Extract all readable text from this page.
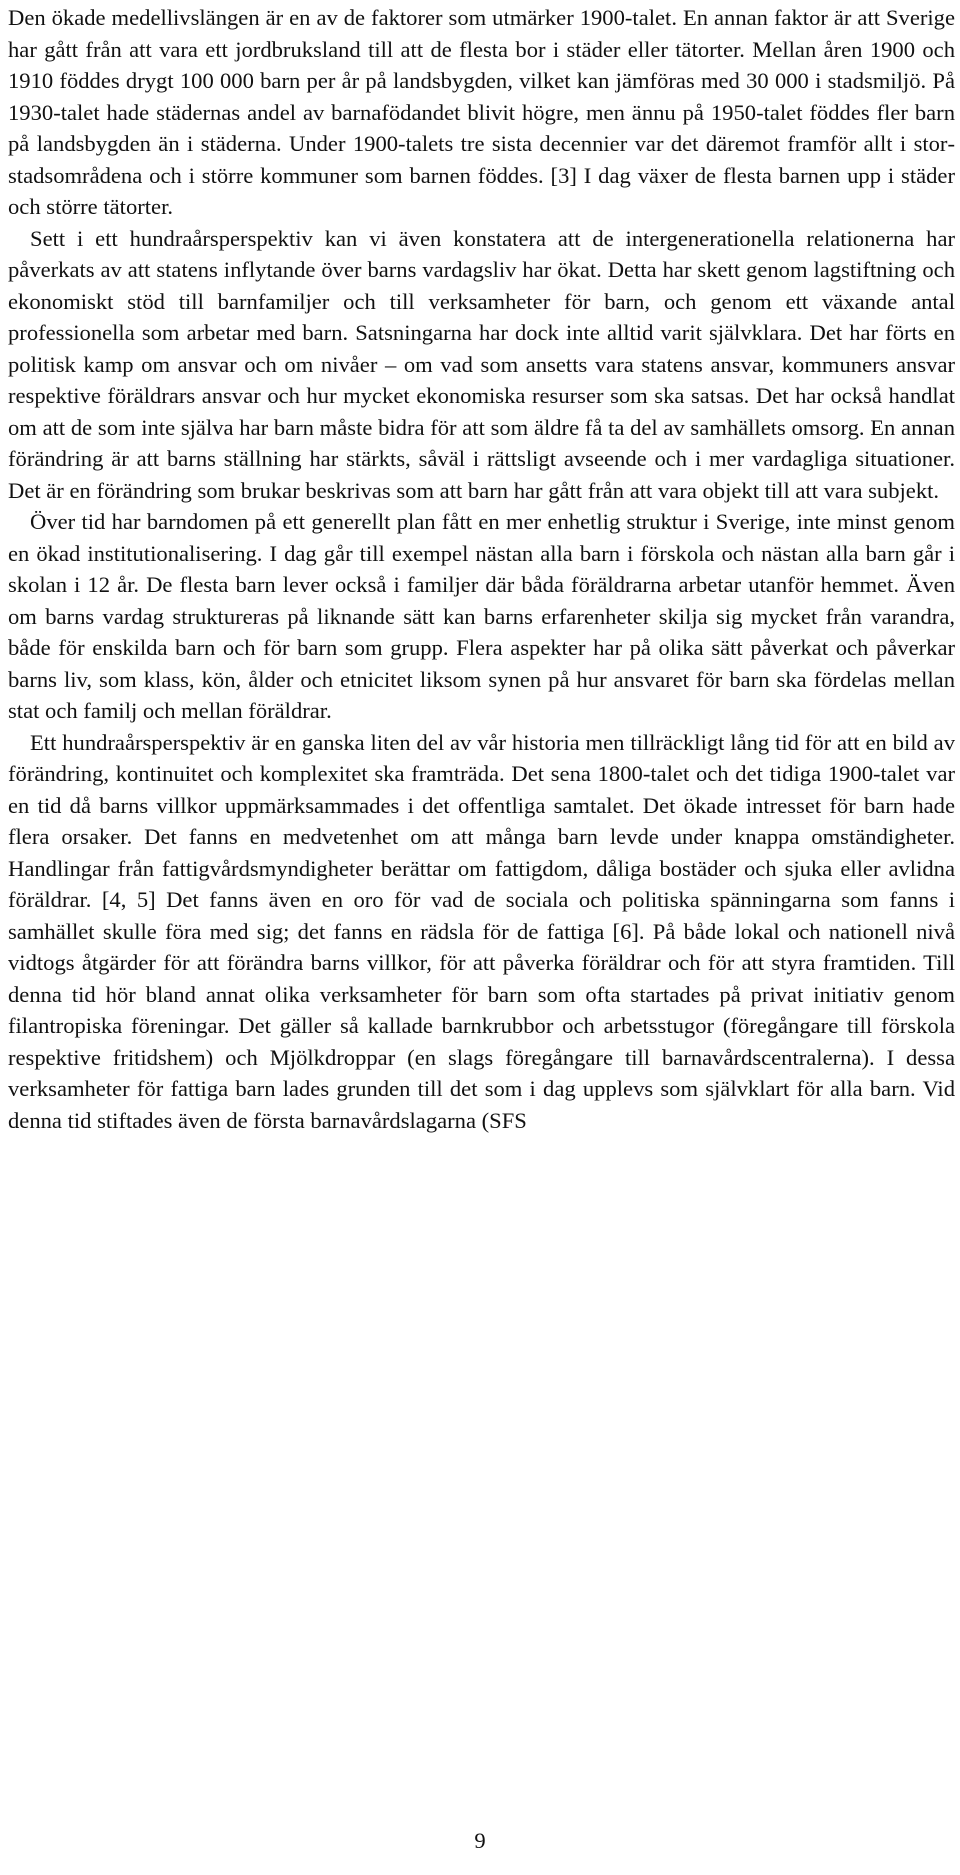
Den ökade medellivslängen är en av de faktorer som utmärker 1900-talet. En annan faktor är att Sverige har gått från att vara ett jordbruksland till att de flesta bor i städer eller tätorter. Mellan åren 1900 och 1910 föddes drygt 100 000 barn per år på landsbygden, vilket kan jämföras med 30 000 i stadsmiljö. På 1930-talet hade städernas andel av barnafödandet blivit högre, men ännu på 1950-talet föddes fler barn på landsbygden än i städerna. Under 1900-talets tre sista decennier var det däremot framför allt i storstadsområdena och i större kommuner som barnen föddes. [3] I dag växer de flesta barnen upp i städer och större tätorter.

Sett i ett hundraårsperspektiv kan vi även konstatera att de intergenerationella relationerna har påverkats av att statens inflytande över barns vardagsliv har ökat. Detta har skett genom lagstiftning och ekonomiskt stöd till barnfamiljer och till verksamheter för barn, och genom ett växande antal professionella som arbetar med barn. Satsningarna har dock inte alltid varit självklara. Det har förts en politisk kamp om ansvar och om nivåer – om vad som ansetts vara statens ansvar, kommuners ansvar respektive föräldrars ansvar och hur mycket ekonomiska resurser som ska satsas. Det har också handlat om att de som inte själva har barn måste bidra för att som äldre få ta del av samhällets omsorg. En annan förändring är att barns ställning har stärkts, såväl i rättsligt avseende och i mer vardagliga situationer. Det är en förändring som brukar beskrivas som att barn har gått från att vara objekt till att vara subjekt.

Över tid har barndomen på ett generellt plan fått en mer enhetlig struktur i Sverige, inte minst genom en ökad institutionalisering. I dag går till exempel nästan alla barn i förskola och nästan alla barn går i skolan i 12 år. De flesta barn lever också i familjer där båda föräldrarna arbetar utanför hemmet. Även om barns vardag struktureras på liknande sätt kan barns erfarenheter skilja sig mycket från varandra, både för enskilda barn och för barn som grupp. Flera aspekter har på olika sätt påverkat och påverkar barns liv, som klass, kön, ålder och etnicitet liksom synen på hur ansvaret för barn ska fördelas mellan stat och familj och mellan föräldrar.

Ett hundraårsperspektiv är en ganska liten del av vår historia men tillräckligt lång tid för att en bild av förändring, kontinuitet och komplexitet ska framträda. Det sena 1800-talet och det tidiga 1900-talet var en tid då barns villkor uppmärksammades i det offentliga samtalet. Det ökade intresset för barn hade flera orsaker. Det fanns en medvetenhet om att många barn levde under knappa omständigheter. Handlingar från fattigvårdsmyndigheter berättar om fattigdom, dåliga bostäder och sjuka eller avlidna föräldrar. [4, 5] Det fanns även en oro för vad de sociala och politiska spänningarna som fanns i samhället skulle föra med sig; det fanns en rädsla för de fattiga [6]. På både lokal och nationell nivå vidtogs åtgärder för att förändra barns villkor, för att påverka föräldrar och för att styra framtiden. Till denna tid hör bland annat olika verksamheter för barn som ofta startades på privat initiativ genom filantropiska föreningar. Det gäller så kallade barnkrubbor och arbetsstugor (föregångare till förskola respektive fritidshem) och Mjölkdroppar (en slags föregångare till barnavårdscentralerna). I dessa verksamheter för fattiga barn lades grunden till det som i dag upplevs som självklart för alla barn. Vid denna tid stiftades även de första barnavårdslagarna (SFS

9
